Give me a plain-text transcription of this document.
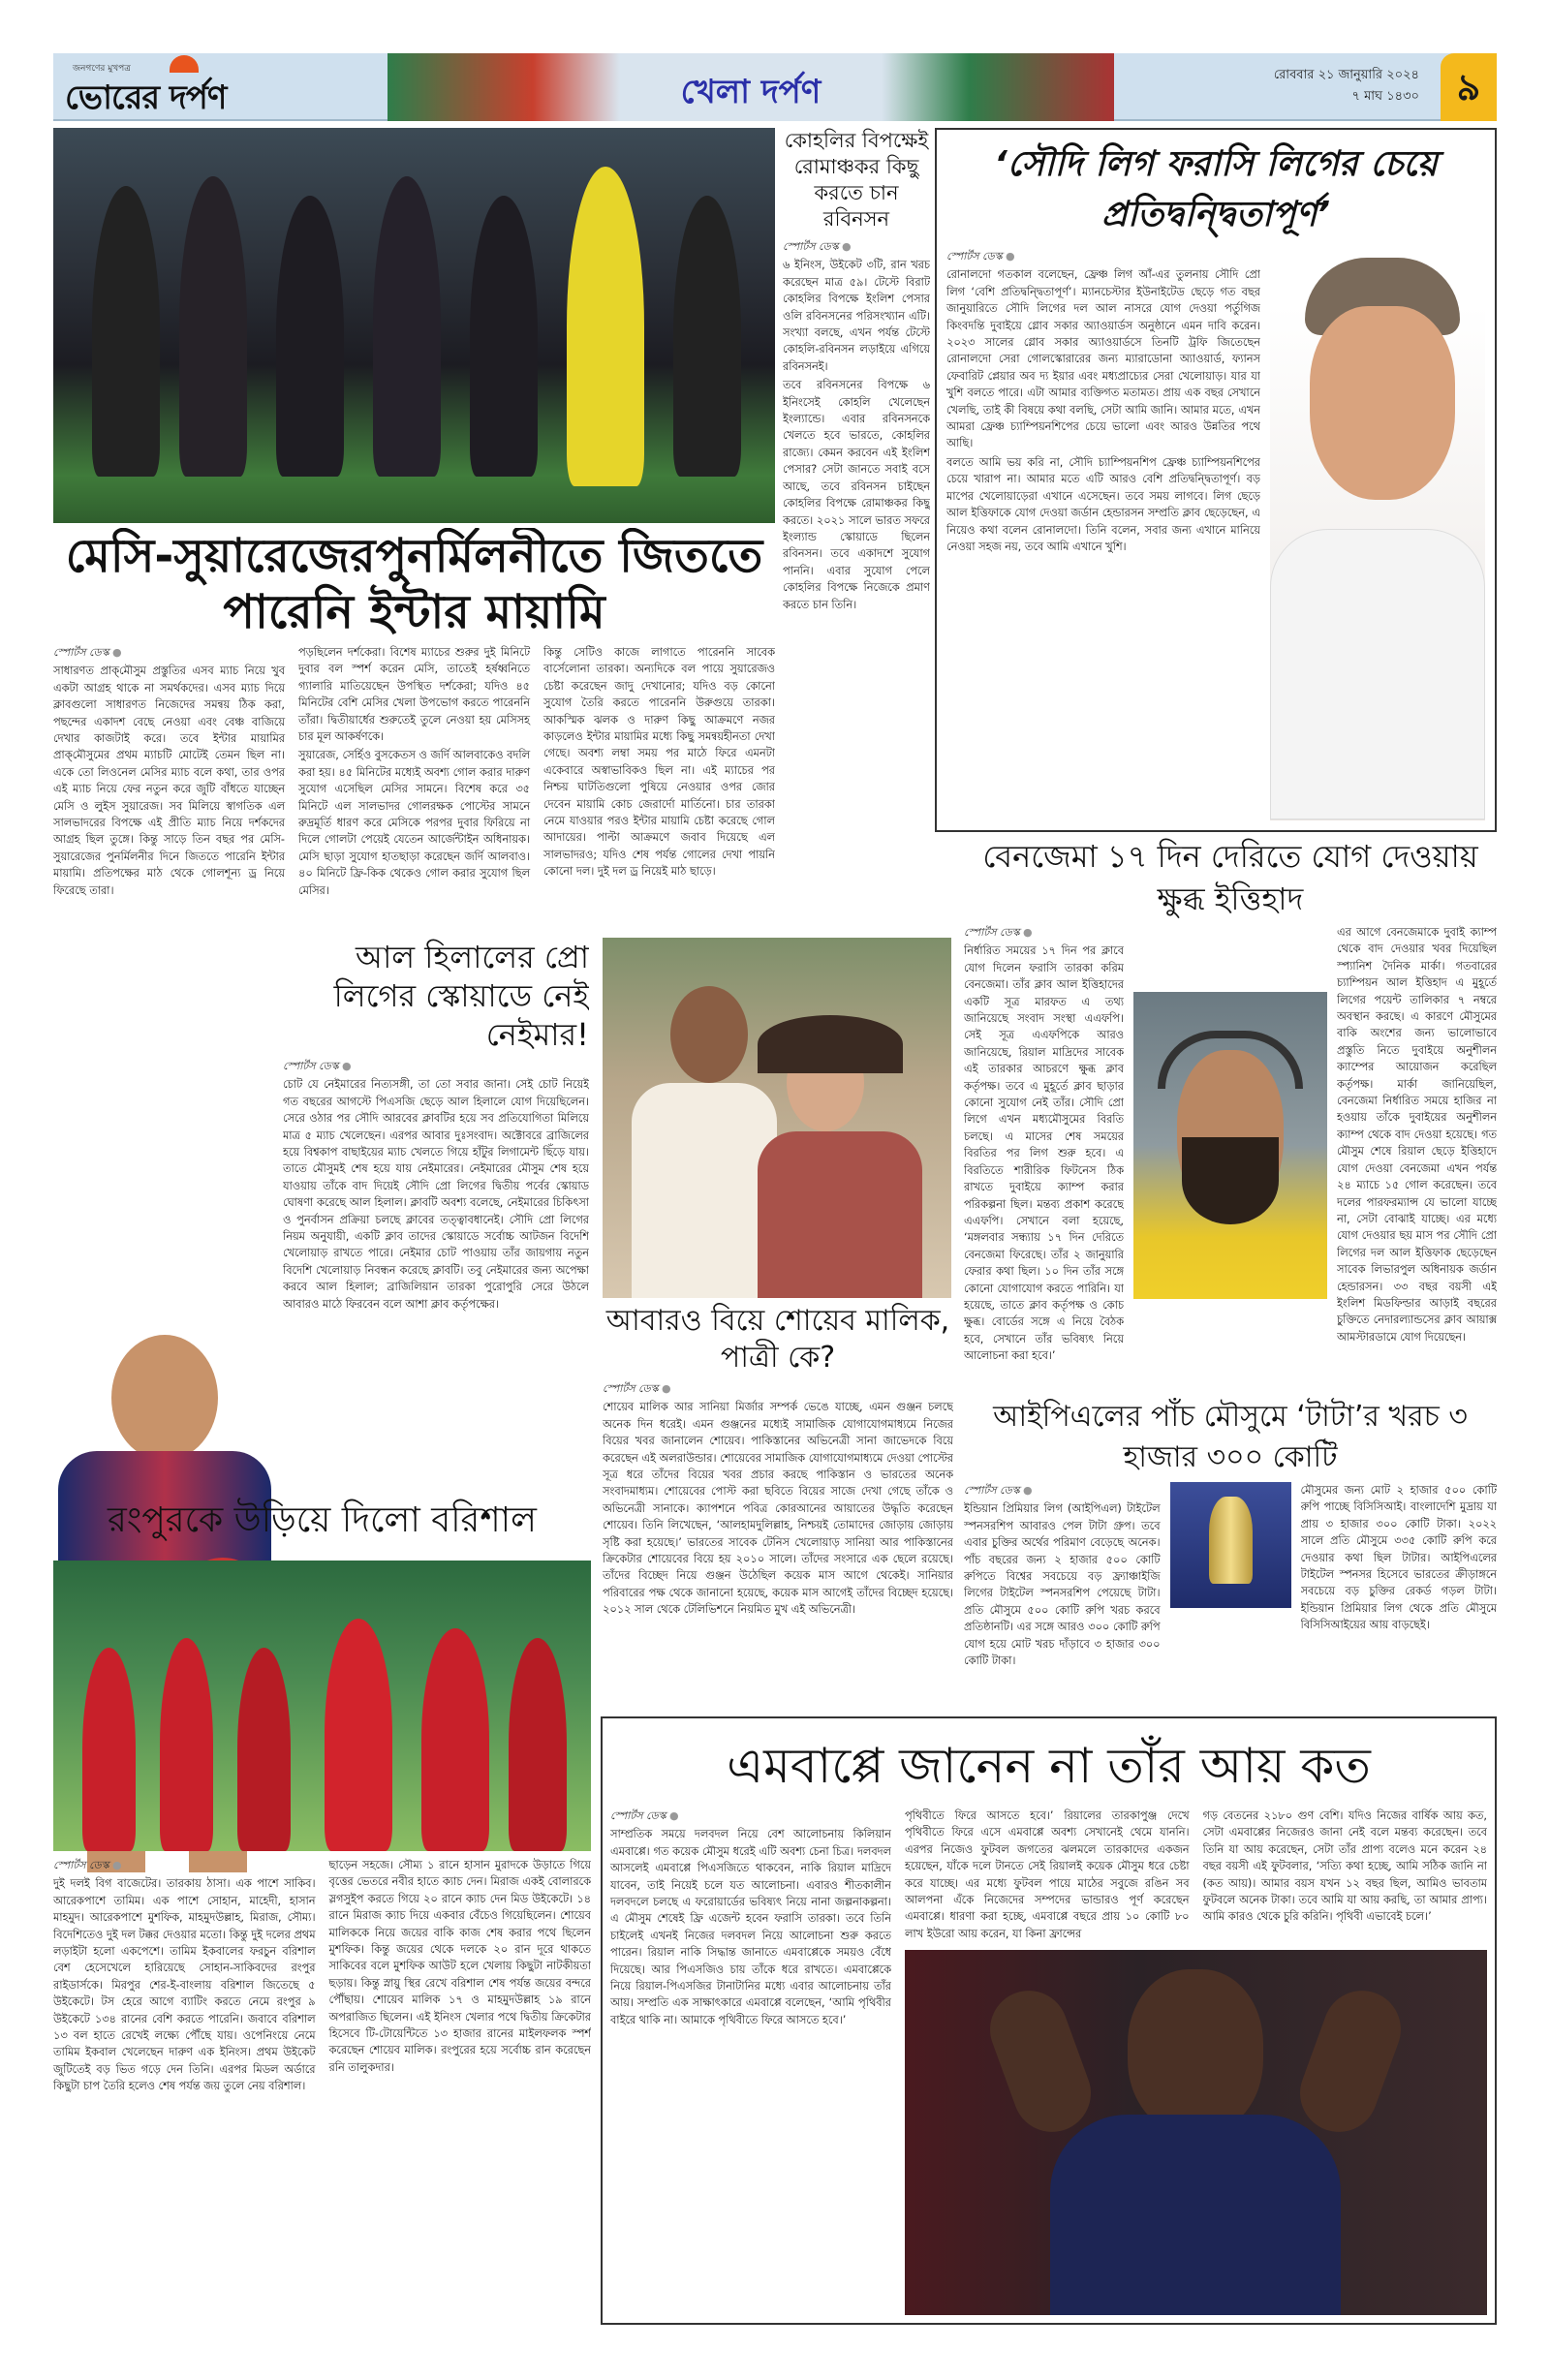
জনগণের মুখপত্র
ভোরের দর্পণ	খেলা দর্পণ	রোববার ২১ জানুয়ারি ২০২৪
৭ মাঘ ১৪৩০	৯
মেসি-সুয়ারেজেরপুনর্মিলনীতে জিততে পারেনি ইন্টার মায়ামি
স্পোর্টস ডেস্ক ●

সাধারণত প্রাক্‌মৌসুম প্রস্তুতির এসব ম্যাচ নিয়ে খুব একটা আগ্রহ থাকে না সমর্থকদের। এসব ম্যাচ দিয়ে ক্লাবগুলো সাধারণত নিজেদের সমন্বয় ঠিক করা, পছন্দের একাদশ বেছে নেওয়া এবং বেঞ্চ বাজিয়ে দেখার কাজটাই করে। তবে ইন্টার মায়ামির প্রাক্‌মৌসুমের প্রথম ম্যাচটি মোটেই তেমন ছিল না। একে তো লিওনেল মেসির ম্যাচ বলে কথা, তার ওপর এই ম্যাচ নিয়ে ফের নতুন করে জুটি বাঁধতে যাচ্ছেন মেসি ও লুইস সুয়ারেজ। সব মিলিয়ে স্বাগতিক এল সালভাদরের বিপক্ষে এই প্রীতি ম্যাচ নিয়ে দর্শকদের আগ্রহ ছিল তুঙ্গে। কিন্তু সাড়ে তিন বছর পর মেসি-সুয়ারেজের পুনর্মিলনীর দিনে জিততে পারেনি ইন্টার মায়ামি। প্রতিপক্ষের মাঠ থেকে গোলশূন্য ড্র নিয়ে ফিরেছে তারা।

পড়ছিলেন দর্শকেরা। বিশেষ ম্যাচের শুরুর দুই মিনিটে দুবার বল স্পর্শ করেন মেসি, তাতেই হর্ষধ্বনিতে গ্যালারি মাতিয়েছেন উপস্থিত দর্শকেরা; যদিও ৪৫ মিনিটের বেশি মেসির খেলা উপভোগ করতে পারেননি তাঁরা। দ্বিতীয়ার্ধের শুরুতেই তুলে নেওয়া হয় মেসিসহ চার মূল আকর্ষণকে।

সুয়ারেজ, সের্হিও বুসকেতস ও জর্দি আলবাকেও বদলি করা হয়। ৪৫ মিনিটের মধ্যেই অবশ্য গোল করার দারুণ সুযোগ এসেছিল মেসির সামনে। বিশেষ করে ৩৫ মিনিটে এল সালভাদর গোলরক্ষক পোস্টের সামনে রুদ্রমূর্তি ধারণ করে মেসিকে পরপর দুবার ফিরিয়ে না দিলে গোলটা পেয়েই যেতেন আর্জেন্টাইন অধিনায়ক। মেসি ছাড়া সুযোগ হাতছাড়া করেছেন জর্দি আলবাও। ৪০ মিনিটে ফ্রি-কিক থেকেও গোল করার সুযোগ ছিল মেসির।

কিন্তু সেটিও কাজে লাগাতে পারেননি সাবেক বার্সেলোনা তারকা। অন্যদিকে বল পায়ে সুয়ারেজও চেষ্টা করেছেন জাদু দেখানোর; যদিও বড় কোনো সুযোগ তৈরি করতে পারেননি উরুগুয়ে তারকা। আকস্মিক ঝলক ও দারুণ কিছু আক্রমণে নজর কাড়লেও ইন্টার মায়ামির মধ্যে কিছু সমন্বয়হীনতা দেখা গেছে। অবশ্য লম্বা সময় পর মাঠে ফিরে এমনটা একেবারে অস্বাভাবিকও ছিল না। এই ম্যাচের পর নিশ্চয় ঘাটতিগুলো পুষিয়ে নেওয়ার ওপর জোর দেবেন মায়ামি কোচ জেরার্দো মার্তিনো। চার তারকা নেমে যাওয়ার পরও ইন্টার মায়ামি চেষ্টা করেছে গোল আদায়ের। পাল্টা আক্রমণে জবাব দিয়েছে এল সালভাদরও; যদিও শেষ পর্যন্ত গোলের দেখা পায়নি কোনো দল। দুই দল ড্র নিয়েই মাঠ ছাড়ে।

কোহলির বিপক্ষেই রোমাঞ্চকর কিছু করতে চান রবিনসন
স্পোর্টস ডেস্ক ●

৬ ইনিংস, উইকেট ৩টি, রান খরচ করেছেন মাত্র ৫৯। টেস্টে বিরাট কোহলির বিপক্ষে ইংলিশ পেসার ওলি রবিনসনের পরিসংখ্যান এটি। সংখ্যা বলছে, এখন পর্যন্ত টেস্টে কোহলি-রবিনসন লড়াইয়ে এগিয়ে রবিনসনই।

তবে রবিনসনের বিপক্ষে ৬ ইনিংসেই কোহলি খেলেছেন ইংল্যান্ডে। এবার রবিনসনকে খেলতে হবে ভারতে, কোহলির রাজ্যে। কেমন করবেন এই ইংলিশ পেসার? সেটা জানতে সবাই বসে আছে, তবে রবিনসন চাইছেন কোহলির বিপক্ষে রোমাঞ্চকর কিছু করতে। ২০২১ সালে ভারত সফরে ইংল্যান্ড স্কোয়াডে ছিলেন রবিনসন। তবে একাদশে সুযোগ পাননি। এবার সুযোগ পেলে কোহলির বিপক্ষে নিজেকে প্রমাণ করতে চান তিনি।

‘সৌদি লিগ ফরাসি লিগের চেয়ে প্রতিদ্বন্দ্বিতাপূর্ণ’
স্পোর্টস ডেস্ক ●

রোনালদো গতকাল বলেছেন, ফ্রেঞ্চ লিগ আঁ-এর তুলনায় সৌদি প্রো লিগ ‘বেশি প্রতিদ্বন্দ্বিতাপূর্ণ’। ম্যানচেস্টার ইউনাইটেড ছেড়ে গত বছর জানুয়ারিতে সৌদি লিগের দল আল নাসরে যোগ দেওয়া পর্তুগিজ কিংবদন্তি দুবাইয়ে গ্লোব সকার অ্যাওয়ার্ডস অনুষ্ঠানে এমন দাবি করেন। ২০২৩ সালের গ্লোব সকার অ্যাওয়ার্ডসে তিনটি ট্রফি জিতেছেন রোনালদো সেরা গোলস্কোরারের জন্য ম্যারাডোনা অ্যাওয়ার্ড, ফ্যানস ফেবারিট প্লেয়ার অব দ্য ইয়ার এবং মধ্যপ্রাচ্যের সেরা খেলোয়াড়। যার যা খুশি বলতে পারে। এটা আমার ব্যক্তিগত মতামত। প্রায় এক বছর সেখানে খেলছি, তাই কী বিষয়ে কথা বলছি, সেটা আমি জানি। আমার মতে, এখন আমরা ফ্রেঞ্চ চ্যাম্পিয়নশিপের চেয়ে ভালো এবং আরও উন্নতির পথে আছি।

বলতে আমি ভয় করি না, সৌদি চ্যাম্পিয়নশিপ ফ্রেঞ্চ চ্যাম্পিয়নশিপের চেয়ে খারাপ না। আমার মতে এটি আরও বেশি প্রতিদ্বন্দ্বিতাপূর্ণ। বড় মাপের খেলোয়াড়েরা এখানে এসেছেন। তবে সময় লাগবে। লিগ ছেড়ে আল ইত্তিফাকে যোগ দেওয়া জর্ডান হেন্ডারসন সম্প্রতি ক্লাব ছেড়েছেন, এ নিয়েও কথা বলেন রোনালদো। তিনি বলেন, সবার জন্য এখানে মানিয়ে নেওয়া সহজ নয়, তবে আমি এখানে খুশি।

আল হিলালের প্রো লিগের স্কোয়াডে নেই নেইমার!
স্পোর্টস ডেস্ক ●

চোট যে নেইমারের নিত্যসঙ্গী, তা তো সবার জানা। সেই চোট নিয়েই গত বছরের আগস্টে পিএসজি ছেড়ে আল হিলালে যোগ দিয়েছিলেন। সেরে ওঠার পর সৌদি আরবের ক্লাবটির হয়ে সব প্রতিযোগিতা মিলিয়ে মাত্র ৫ ম্যাচ খেলেছেন। এরপর আবার দুঃসংবাদ। অক্টোবরে ব্রাজিলের হয়ে বিশ্বকাপ বাছাইয়ের ম্যাচ খেলতে গিয়ে হাঁটুর লিগামেন্ট ছিঁড়ে যায়। তাতে মৌসুমই শেষ হয়ে যায় নেইমারের। নেইমারের মৌসুম শেষ হয়ে যাওয়ায় তাঁকে বাদ দিয়েই সৌদি প্রো লিগের দ্বিতীয় পর্বের স্কোয়াড ঘোষণা করেছে আল হিলাল। ক্লাবটি অবশ্য বলেছে, নেইমারের চিকিৎসা ও পুনর্বাসন প্রক্রিয়া চলছে ক্লাবের তত্ত্বাবধানেই। সৌদি প্রো লিগের নিয়ম অনুযায়ী, একটি ক্লাব তাদের স্কোয়াডে সর্বোচ্চ আটজন বিদেশি খেলোয়াড় রাখতে পারে। নেইমার চোট পাওয়ায় তাঁর জায়গায় নতুন বিদেশি খেলোয়াড় নিবন্ধন করেছে ক্লাবটি। তবু নেইমারের জন্য অপেক্ষা করবে আল হিলাল; ব্রাজিলিয়ান তারকা পুরোপুরি সেরে উঠলে আবারও মাঠে ফিরবেন বলে আশা ক্লাব কর্তৃপক্ষের।	আবারও বিয়ে শোয়েব মালিক, পাত্রী কে?
স্পোর্টস ডেস্ক ●

শোয়েব মালিক আর সানিয়া মির্জার সম্পর্ক ভেঙে যাচ্ছে, এমন গুঞ্জন চলছে অনেক দিন ধরেই। এমন গুঞ্জনের মধ্যেই সামাজিক যোগাযোগমাধ্যমে নিজের বিয়ের খবর জানালেন শোয়েব। পাকিস্তানের অভিনেত্রী সানা জাভেদকে বিয়ে করেছেন এই অলরাউন্ডার। শোয়েবের সামাজিক যোগাযোগমাধ্যমে দেওয়া পোস্টের সূত্র ধরে তাঁদের বিয়ের খবর প্রচার করছে পাকিস্তান ও ভারতের অনেক সংবাদমাধ্যম। শোয়েবের পোস্ট করা ছবিতে বিয়ের সাজে দেখা গেছে তাঁকে ও অভিনেত্রী সানাকে। ক্যাপশনে পবিত্র কোরআনের আয়াতের উদ্ধৃতি করেছেন শোয়েব। তিনি লিখেছেন, ‘আলহামদুলিল্লাহ, নিশ্চয়ই তোমাদের জোড়ায় জোড়ায় সৃষ্টি করা হয়েছে।’ ভারতের সাবেক টেনিস খেলোয়াড় সানিয়া আর পাকিস্তানের ক্রিকেটার শোয়েবের বিয়ে হয় ২০১০ সালে। তাঁদের সংসারে এক ছেলে রয়েছে। তাঁদের বিচ্ছেদ নিয়ে গুঞ্জন উঠেছিল কয়েক মাস আগে থেকেই। সানিয়ার পরিবারের পক্ষ থেকে জানানো হয়েছে, কয়েক মাস আগেই তাঁদের বিচ্ছেদ হয়েছে। ২০১২ সাল থেকে টেলিভিশনে নিয়মিত মুখ এই অভিনেত্রী।

বেনজেমা ১৭ দিন দেরিতে যোগ দেওয়ায় ক্ষুব্ধ ইত্তিহাদ
স্পোর্টস ডেস্ক ●

নির্ধারিত সময়ের ১৭ দিন পর ক্লাবে যোগ দিলেন ফরাসি তারকা করিম বেনজেমা। তাঁর ক্লাব আল ইত্তিহাদের একটি সূত্র মারফত এ তথ্য জানিয়েছে সংবাদ সংস্থা এএফপি। সেই সূত্র এএফপিকে আরও জানিয়েছে, রিয়াল মাদ্রিদের সাবেক এই তারকার আচরণে ক্ষুব্ধ ক্লাব কর্তৃপক্ষ। তবে এ মুহূর্তে ক্লাব ছাড়ার কোনো সুযোগ নেই তাঁর। সৌদি প্রো লিগে এখন মধ্যমৌসুমের বিরতি চলছে। এ মাসের শেষ সময়ের বিরতির পর লিগ শুরু হবে। এ বিরতিতে শারীরিক ফিটনেস ঠিক রাখতে দুবাইয়ে ক্যাম্প করার পরিকল্পনা ছিল। মন্তব্য প্রকাশ করেছে এএফপি। সেখানে বলা হয়েছে, ‘মঙ্গলবার সন্ধ্যায় ১৭ দিন দেরিতে বেনজেমা ফিরেছে। তাঁর ২ জানুয়ারি ফেরার কথা ছিল। ১০ দিন তাঁর সঙ্গে কোনো যোগাযোগ করতে পারিনি। যা হয়েছে, তাতে ক্লাব কর্তৃপক্ষ ও কোচ ক্ষুব্ধ। বোর্ডের সঙ্গে এ নিয়ে বৈঠক হবে, সেখানে তাঁর ভবিষ্যৎ নিয়ে আলোচনা করা হবে।’

এর আগে বেনজেমাকে দুবাই ক্যাম্প থেকে বাদ দেওয়ার খবর দিয়েছিল স্প্যানিশ দৈনিক মার্কা। গতবারের চ্যাম্পিয়ন আল ইত্তিহাদ এ মুহূর্তে লিগের পয়েন্ট তালিকার ৭ নম্বরে অবস্থান করছে। এ কারণে মৌসুমের বাকি অংশের জন্য ভালোভাবে প্রস্তুতি নিতে দুবাইয়ে অনুশীলন ক্যাম্পের আয়োজন করেছিল কর্তৃপক্ষ। মার্কা জানিয়েছিল, বেনজেমা নির্ধারিত সময়ে হাজির না হওয়ায় তাঁকে দুবাইয়ের অনুশীলন ক্যাম্প থেকে বাদ দেওয়া হয়েছে। গত মৌসুম শেষে রিয়াল ছেড়ে ইত্তিহাদে যোগ দেওয়া বেনজেমা এখন পর্যন্ত ২৪ ম্যাচে ১৫ গোল করেছেন। তবে দলের পারফরম্যান্স যে ভালো যাচ্ছে না, সেটা বোঝাই যাচ্ছে। এর মধ্যে যোগ দেওয়ার ছয় মাস পর সৌদি প্রো লিগের দল আল ইত্তিফাক ছেড়েছেন সাবেক লিভারপুল অধিনায়ক জর্ডান হেন্ডারসন। ৩৩ বছর বয়সী এই ইংলিশ মিডফিল্ডার আড়াই বছরের চুক্তিতে নেদারল্যান্ডসের ক্লাব আয়াক্স আমস্টারডামে যোগ দিয়েছেন।

আইপিএলের পাঁচ মৌসুমে ‘টাটা’র খরচ ৩ হাজার ৩০০ কোটি
স্পোর্টস ডেস্ক ●

ইন্ডিয়ান প্রিমিয়ার লিগ (আইপিএল) টাইটেল স্পনসরশিপ আবারও পেল টাটা গ্রুপ। তবে এবার চুক্তির অর্থের পরিমাণ বেড়েছে অনেক। পাঁচ বছরের জন্য ২ হাজার ৫০০ কোটি রুপিতে বিশ্বের সবচেয়ে বড় ফ্র্যাঞ্চাইজি লিগের টাইটেল স্পনসরশিপ পেয়েছে টাটা। প্রতি মৌসুমে ৫০০ কোটি রুপি খরচ করবে প্রতিষ্ঠানটি। এর সঙ্গে আরও ৩০০ কোটি রুপি যোগ হয়ে মোট খরচ দাঁড়াবে ৩ হাজার ৩০০ কোটি টাকা।

মৌসুমের জন্য মোট ২ হাজার ৫০০ কোটি রুপি পাচ্ছে বিসিসিআই। বাংলাদেশি মুদ্রায় যা প্রায় ৩ হাজার ৩০০ কোটি টাকা। ২০২২ সালে প্রতি মৌসুমে ৩৩৫ কোটি রুপি করে দেওয়ার কথা ছিল টাটার। আইপিএলের টাইটেল স্পনসর হিসেবে ভারতের ক্রীড়াঙ্গনে সবচেয়ে বড় চুক্তির রেকর্ড গড়ল টাটা। ইন্ডিয়ান প্রিমিয়ার লিগ থেকে প্রতি মৌসুমে বিসিসিআইয়ের আয় বাড়ছেই।

রংপুরকে উড়িয়ে দিলো বরিশাল
স্পোর্টস ডেস্ক ●

দুই দলই বিগ বাজেটের। তারকায় ঠাসা। এক পাশে সাকিব। আরেকপাশে তামিম। এক পাশে সোহান, মাহেদী, হাসান মাহমুদ। আরেকপাশে মুশফিক, মাহমুদউল্লাহ, মিরাজ, সৌম্য। বিদেশিতেও দুই দল টক্কর দেওয়ার মতো। কিন্তু দুই দলের প্রথম লড়াইটা হলো একপেশে। তামিম ইকবালের ফরচুন বরিশাল বেশ হেসেখেলে হারিয়েছে সোহান-সাকিবদের রংপুর রাইডার্সকে। মিরপুর শের-ই-বাংলায় বরিশাল জিতেছে ৫ উইকেটে। টস হেরে আগে ব্যাটিং করতে নেমে রংপুর ৯ উইকেটে ১৩৪ রানের বেশি করতে পারেনি। জবাবে বরিশাল ১৩ বল হাতে রেখেই লক্ষ্যে পৌঁছে যায়। ওপেনিংয়ে নেমে তামিম ইকবাল খেলেছেন দারুণ এক ইনিংস। প্রথম উইকেট জুটিতেই বড় ভিত গড়ে দেন তিনি। এরপর মিডল অর্ডারে কিছুটা চাপ তৈরি হলেও শেষ পর্যন্ত জয় তুলে নেয় বরিশাল।

ছাড়েন সহজে। সৌম্য ১ রানে হাসান মুরাদকে উড়াতে গিয়ে বৃত্তের ভেতরে নবীর হাতে ক্যাচ দেন। মিরাজ একই বোলারকে স্লগসুইপ করতে গিয়ে ২০ রানে ক্যাচ দেন মিড উইকেটে। ১৪ রানে মিরাজ ক্যাচ দিয়ে একবার বেঁচেও গিয়েছিলেন। শোয়েব মালিককে নিয়ে জয়ের বাকি কাজ শেষ করার পথে ছিলেন মুশফিক। কিন্তু জয়ের থেকে দলকে ২০ রান দূরে থাকতে সাকিবের বলে মুশফিক আউট হলে খেলায় কিছুটা নাটকীয়তা ছড়ায়। কিন্তু স্নায়ু স্থির রেখে বরিশাল শেষ পর্যন্ত জয়ের বন্দরে পৌঁছায়। শোয়েব মালিক ১৭ ও মাহমুদউল্লাহ ১৯ রানে অপরাজিত ছিলেন। এই ইনিংস খেলার পথে দ্বিতীয় ক্রিকেটার হিসেবে টি-টোয়েন্টিতে ১৩ হাজার রানের মাইলফলক স্পর্শ করেছেন শোয়েব মালিক। রংপুরের হয়ে সর্বোচ্চ রান করেছেন রনি তালুকদার।

এমবাপ্পে জানেন না তাঁর আয় কত
স্পোর্টস ডেস্ক ●

সাম্প্রতিক সময়ে দলবদল নিয়ে বেশ আলোচনায় কিলিয়ান এমবাপ্পে। গত কয়েক মৌসুম ধরেই এটি অবশ্য চেনা চিত্র। দলবদল আসলেই এমবাপ্পে পিএসজিতে থাকবেন, নাকি রিয়াল মাদ্রিদে যাবেন, তাই নিয়েই চলে যত আলোচনা। এবারও শীতকালীন দলবদলে চলছে এ ফরোয়ার্ডের ভবিষ্যৎ নিয়ে নানা জল্পনাকল্পনা। এ মৌসুম শেষেই ফ্রি এজেন্ট হবেন ফরাসি তারকা। তবে তিনি চাইলেই এখনই নিজের দলবদল নিয়ে আলোচনা শুরু করতে পারেন। রিয়াল নাকি সিদ্ধান্ত জানাতে এমবাপ্পেকে সময়ও বেঁধে দিয়েছে। আর পিএসজিও চায় তাঁকে ধরে রাখতে। এমবাপ্পেকে নিয়ে রিয়াল-পিএসজির টানাটানির মধ্যে এবার আলোচনায় তাঁর আয়। সম্প্রতি এক সাক্ষাৎকারে এমবাপ্পে বলেছেন, ‘আমি পৃথিবীর বাইরে থাকি না। আমাকে পৃথিবীতে ফিরে আসতে হবে।’

পৃথিবীতে ফিরে আসতে হবে।’ রিয়ালের তারকাপুঞ্জ দেখে পৃথিবীতে ফিরে এসে এমবাপ্পে অবশ্য সেখানেই থেমে যাননি। এরপর নিজেও ফুটবল জগতের ঝলমলে তারকাদের একজন হয়েছেন, যাঁকে দলে টানতে সেই রিয়ালই কয়েক মৌসুম ধরে চেষ্টা করে যাচ্ছে। এর মধ্যে ফুটবল পায়ে মাঠের সবুজে রঙিন সব আলপনা এঁকে নিজেদের সম্পদের ভান্ডারও পূর্ণ করেছেন এমবাপ্পে। ধারণা করা হচ্ছে, এমবাপ্পে বছরে প্রায় ১০ কোটি ৮০ লাখ ইউরো আয় করেন, যা কিনা ফ্রান্সের

গড় বেতনের ২১৮০ গুণ বেশি। যদিও নিজের বার্ষিক আয় কত, সেটা এমবাপ্পের নিজেরও জানা নেই বলে মন্তব্য করেছেন। তবে তিনি যা আয় করেছেন, সেটা তাঁর প্রাপ্য বলেও মনে করেন ২৪ বছর বয়সী এই ফুটবলার, ‘সত্যি কথা হচ্ছে, আমি সঠিক জানি না (কত আয়)। আমার বয়স যখন ১২ বছর ছিল, আমিও ভাবতাম ফুটবলে অনেক টাকা। তবে আমি যা আয় করছি, তা আমার প্রাপ্য। আমি কারও থেকে চুরি করিনি। পৃথিবী এভাবেই চলে।’
